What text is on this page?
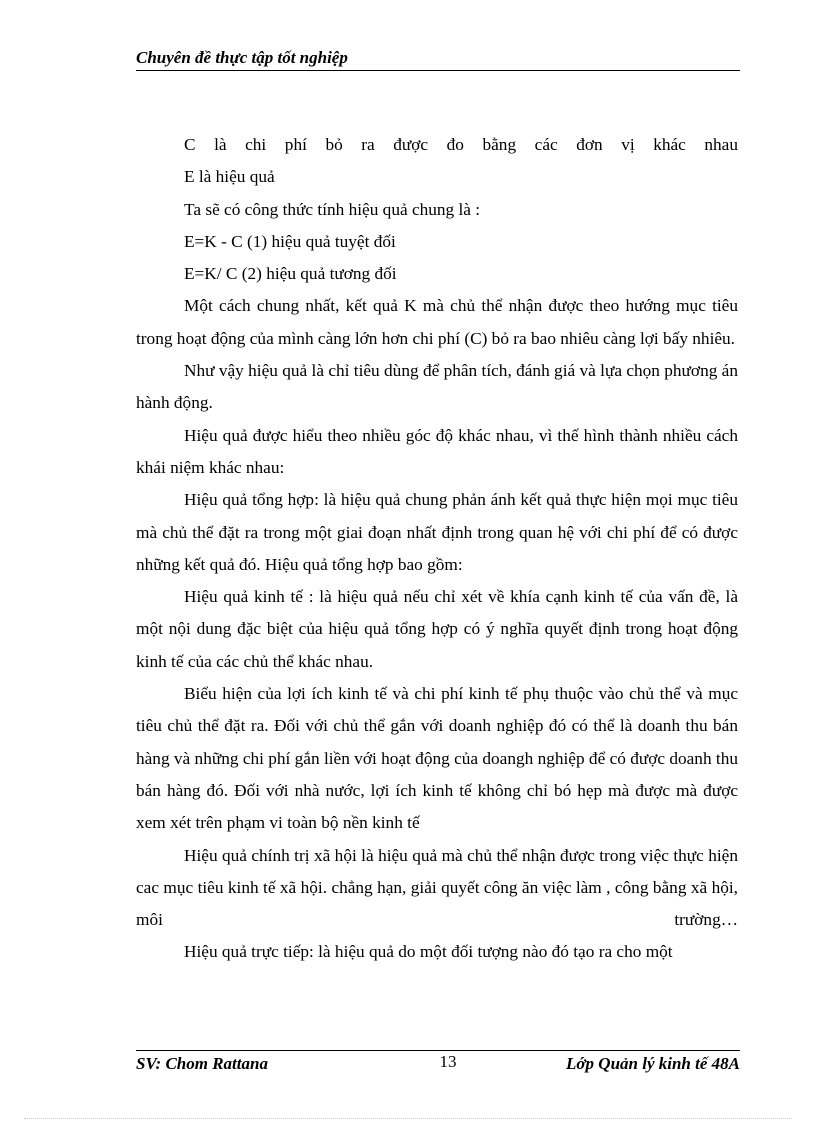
Chuyên đề thực tập tốt nghiệp

C là chi phí bỏ ra được đo bằng các đơn vị khác nhau

E là hiệu quả

Ta sẽ có công thức tính hiệu quả chung là :

E=K - C (1) hiệu quả tuyệt đối

E=K/ C (2) hiệu quả tương đối

Một cách chung nhất, kết quả K mà chủ thể nhận được theo hướng mục tiêu trong hoạt động của mình càng lớn hơn chi phí (C) bỏ ra bao nhiêu càng lợi bấy nhiêu.

Như vậy hiệu quả là chỉ tiêu dùng để phân tích, đánh giá và lựa chọn phương án hành động.

Hiệu quả được hiểu theo nhiều góc độ khác nhau, vì thế hình thành nhiều cách khái niệm khác nhau:

Hiệu quả tổng hợp: là hiệu quả chung phản ánh kết quả thực hiện mọi mục tiêu mà chủ thể đặt ra trong một giai đoạn nhất định trong quan hệ với chi phí để có được những kết quả đó. Hiệu quả tổng hợp bao gồm:

Hiệu quả kinh tế : là hiệu quả nếu chỉ xét về khía cạnh kinh tế của vấn đề, là một nội dung đặc biệt của hiệu quả tổng hợp có ý nghĩa quyết định trong hoạt động kinh tế của các chủ thể khác nhau.

Biểu hiện của lợi ích kinh tế và chi phí kinh tế phụ thuộc vào chủ thể và mục tiêu chủ thể đặt ra. Đối với chủ thể gắn với doanh nghiệp đó có thể là doanh thu bán hàng và những chi phí gắn liền với hoạt động của doangh nghiệp để có được doanh thu bán hàng đó. Đối với nhà nước, lợi ích kinh tế không chỉ bó hẹp mà được mà được xem xét trên phạm vi toàn bộ nền kinh tế

Hiệu quả chính trị xã hội là hiệu quả mà chủ thể nhận được trong việc thực hiện cac mục tiêu kinh tế xã hội. chẳng hạn, giải quyết công ăn việc làm , công bằng xã hội, môi trường…

Hiệu quả trực tiếp: là hiệu quả do một đối tượng nào đó tạo ra cho một

SV: Chom Rattana	13	Lớp Quản lý kinh tế 48A
